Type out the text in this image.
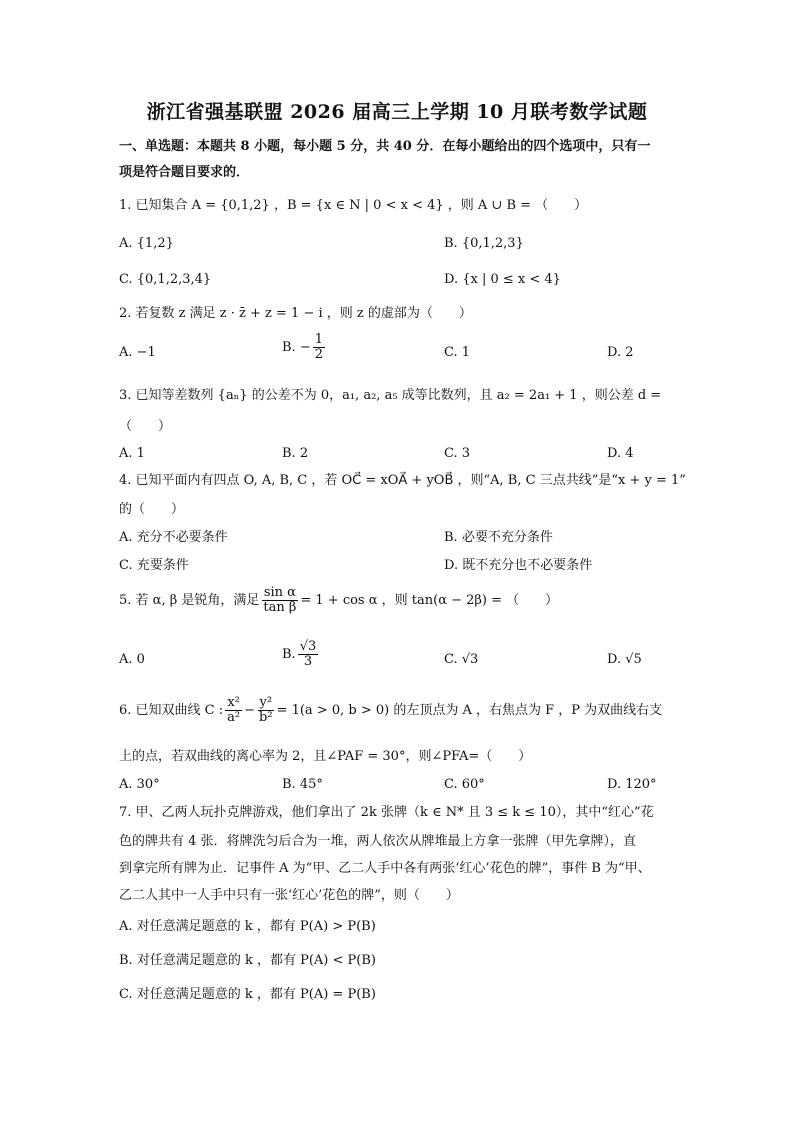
浙江省强基联盟 2026 届高三上学期 10 月联考数学试题
一、单选题：本题共 8 小题，每小题 5 分，共 40 分．在每小题给出的四个选项中，只有一
项是符合题目要求的．
1. 已知集合 A = {0,1,2} ，B = {x ∈ N | 0 < x < 4} ，则 A ∪ B = （　　）
A. {1,2}	B. {0,1,2,3}
C. {0,1,2,3,4}	D. {x | 0 ≤ x < 4}
2. 若复数 z 满足 z · z̄ + z = 1 − i ，则 z 的虚部为（　　）
A. −1	B. − $\frac{1}{2}$	C. 1	D. 2
3. 已知等差数列 {aₙ} 的公差不为 0，a₁, a₂, a₅ 成等比数列，且 a₂ = 2a₁ + 1 ，则公差 d =
（　　）
A. 1	B. 2	C. 3	D. 4
4. 已知平面内有四点 O, A, B, C ，若 OC⃗ = xOA⃗ + yOB⃗ ，则“A, B, C 三点共线”是“x + y = 1”
的（　　）
A. 充分不必要条件	B. 必要不充分条件
C. 充要条件	D. 既不充分也不必要条件
5. 若 α, β 是锐角，满足 $\frac{\text{sin α}}{\text{tan β}} = 1 + \cos \alpha$ ，则 tan(α − 2β) = （　　）
A. 0	B. $\frac{√3}{3}$	C. √3	D. √5
6. 已知双曲线 C : $\frac{\text{x²}}{\text{a²}} - \frac{\text{y²}}{\text{b²}} = 1(a > 0$, b > 0) 的左顶点为 A ，右焦点为 F ，P 为双曲线右支
上的点，若双曲线的离心率为 2，且∠PAF = 30°，则∠PFA=（　　）
A. 30°	B. 45°	C. 60°	D. 120°
7. 甲、乙两人玩扑克牌游戏，他们拿出了 2k 张牌（k ∈ N* 且 3 ≤ k ≤ 10），其中“红心”花
色的牌共有 4 张．将牌洗匀后合为一堆，两人依次从牌堆最上方拿一张牌（甲先拿牌），直
到拿完所有牌为止．记事件 A 为“甲、乙二人手中各有两张‘红心’花色的牌”，事件 B 为“甲、
乙二人其中一人手中只有一张‘红心’花色的牌”，则（　　）
A. 对任意满足题意的 k ，都有 P(A) > P(B)
B. 对任意满足题意的 k ，都有 P(A) < P(B)
C. 对任意满足题意的 k ，都有 P(A) = P(B)
